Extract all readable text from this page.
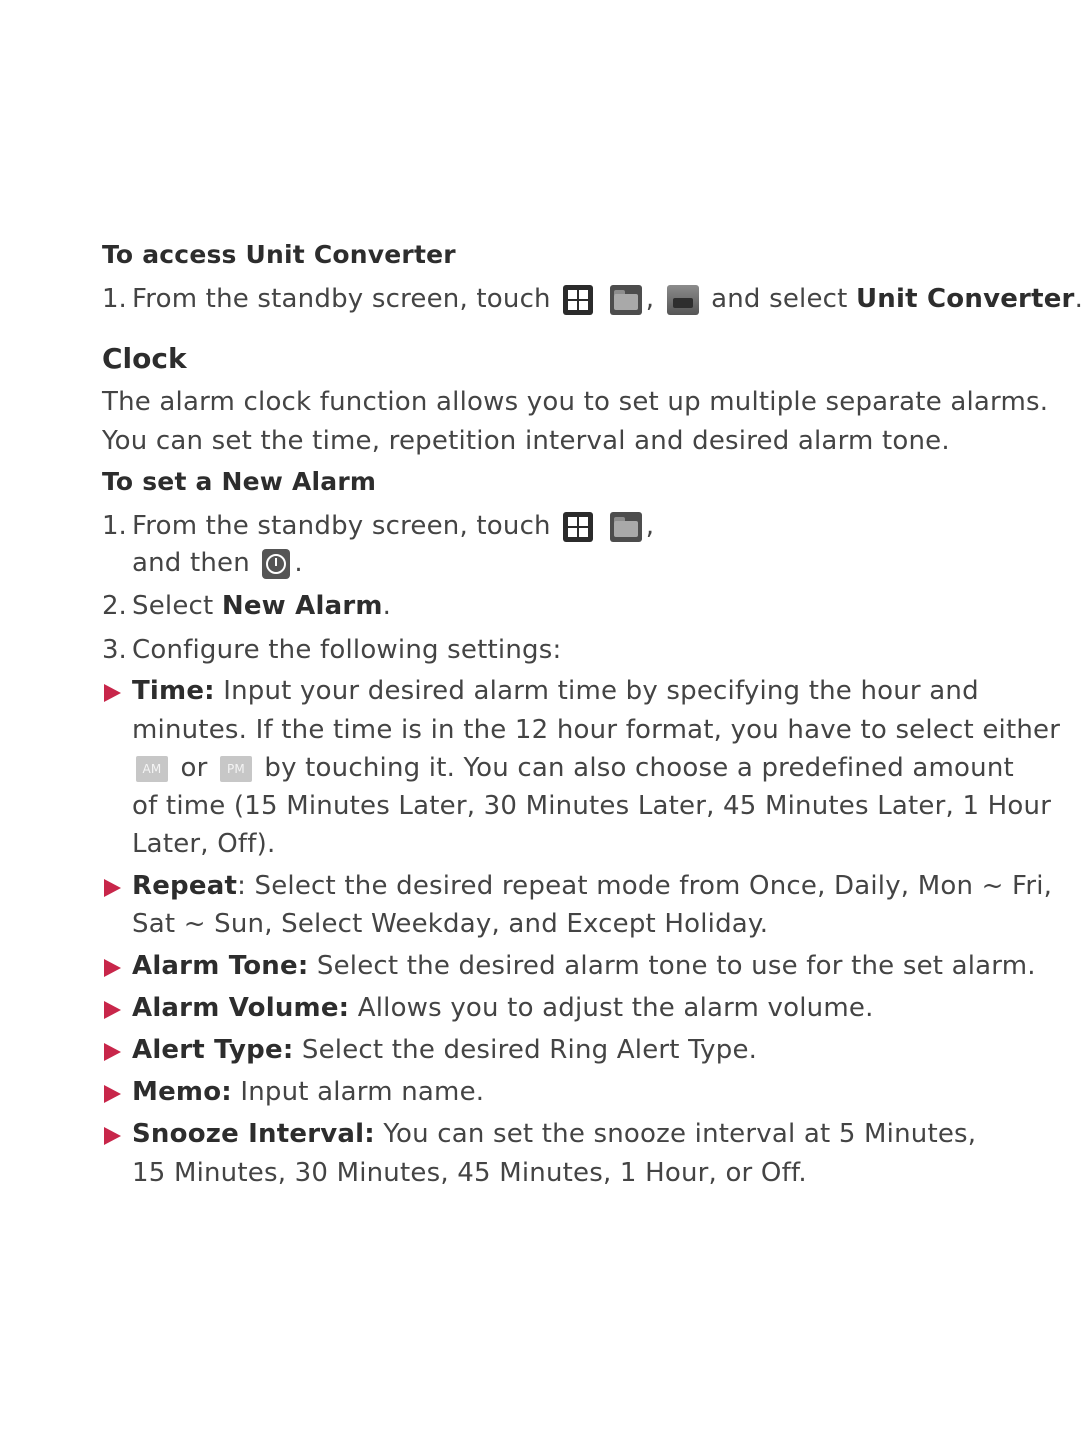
To access Unit Converter
1. From the standby screen, touch
	, and select Unit Converter.
Clock
The alarm clock function allows you to set up multiple separate alarms.
You can set the time, repetition interval and desired alarm tone.
To set a New Alarm
1. From the standby screen, touch
	,
and then .
2. Select New Alarm.
3. Configure the following settings:
Time: Input your desired alarm time by specifying the hour and
minutes. If the time is in the 12 hour format, you have to select either
AM or PM by touching it. You can also choose a predefined amount
of time (15 Minutes Later, 30 Minutes Later, 45 Minutes Later, 1 Hour
Later, Off).
Repeat: Select the desired repeat mode from Once, Daily, Mon ~ Fri,
Sat ~ Sun, Select Weekday, and Except Holiday.
Alarm Tone: Select the desired alarm tone to use for the set alarm.
Alarm Volume: Allows you to adjust the alarm volume.
Alert Type: Select the desired Ring Alert Type.
Memo: Input alarm name.
Snooze Interval: You can set the snooze interval at 5 Minutes,
15 Minutes, 30 Minutes, 45 Minutes, 1 Hour, or Off.
